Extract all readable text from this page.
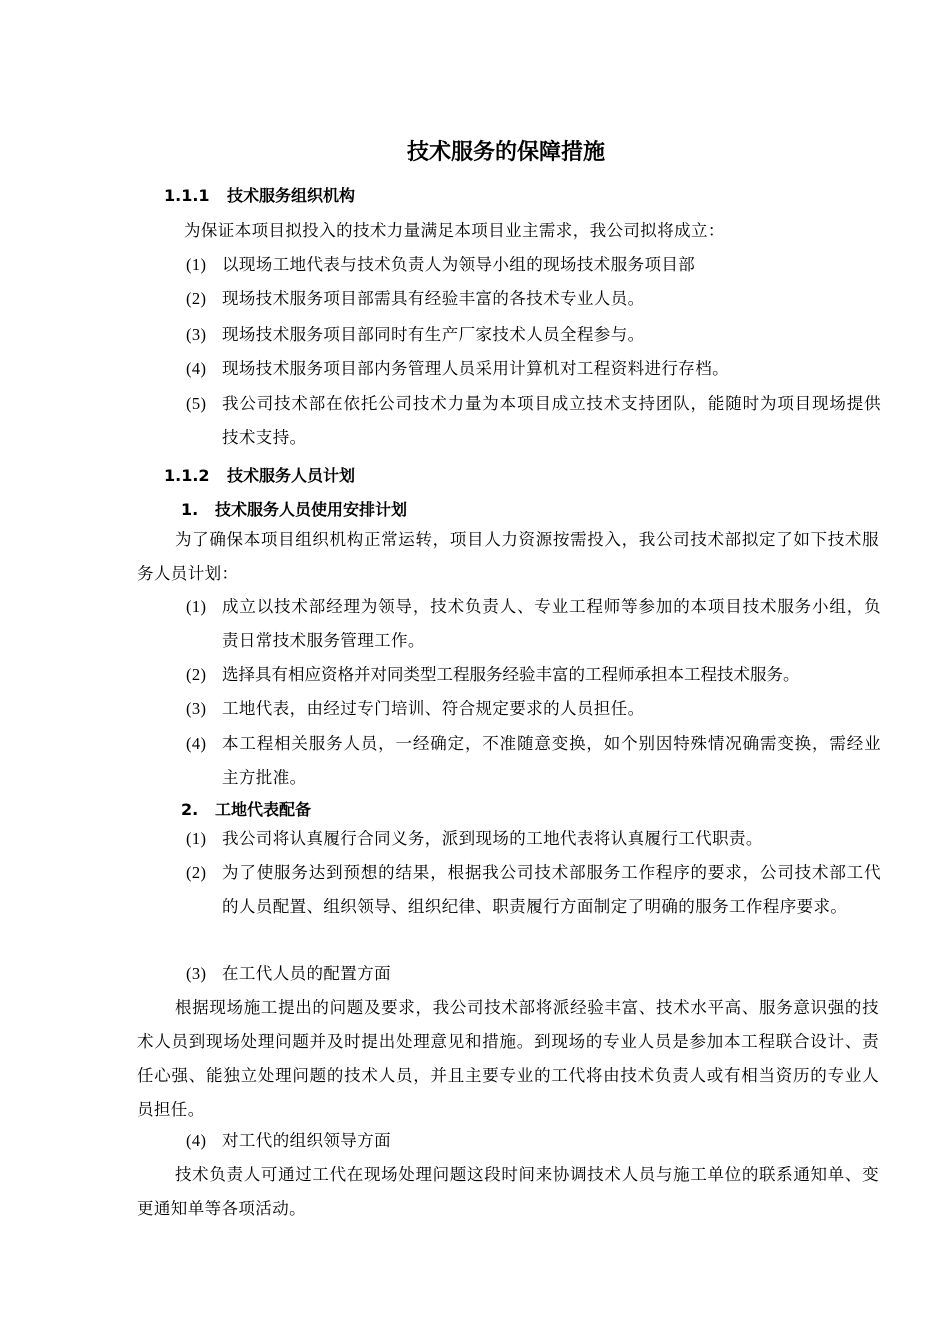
技术服务的保障措施
1.1.1 技术服务组织机构

为保证本项目拟投入的技术力量满足本项目业主需求，我公司拟将成立：

(1) 以现场工地代表与技术负责人为领导小组的现场技术服务项目部
(2) 现场技术服务项目部需具有经验丰富的各技术专业人员。
(3) 现场技术服务项目部同时有生产厂家技术人员全程参与。
(4) 现场技术服务项目部内务管理人员采用计算机对工程资料进行存档。
(5) 我公司技术部在依托公司技术力量为本项目成立技术支持团队，能随时为项目现场提供技术支持。
1.1.2 技术服务人员计划
1. 技术服务人员使用安排计划

为了确保本项目组织机构正常运转，项目人力资源按需投入，我公司技术部拟定了如下技术服务人员计划：

(1) 成立以技术部经理为领导，技术负责人、专业工程师等参加的本项目技术服务小组，负责日常技术服务管理工作。
(2) 选择具有相应资格并对同类型工程服务经验丰富的工程师承担本工程技术服务。
(3) 工地代表，由经过专门培训、符合规定要求的人员担任。
(4) 本工程相关服务人员，一经确定，不准随意变换，如个别因特殊情况确需变换，需经业主方批准。
2. 工地代表配备
(1) 我公司将认真履行合同义务，派到现场的工地代表将认真履行工代职责。
(2) 为了使服务达到预想的结果，根据我公司技术部服务工作程序的要求，公司技术部工代的人员配置、组织领导、组织纪律、职责履行方面制定了明确的服务工作程序要求。
(3) 在工代人员的配置方面

根据现场施工提出的问题及要求，我公司技术部将派经验丰富、技术水平高、服务意识强的技术人员到现场处理问题并及时提出处理意见和措施。到现场的专业人员是参加本工程联合设计、责任心强、能独立处理问题的技术人员，并且主要专业的工代将由技术负责人或有相当资历的专业人员担任。

(4) 对工代的组织领导方面

技术负责人可通过工代在现场处理问题这段时间来协调技术人员与施工单位的联系通知单、变更通知单等各项活动。
